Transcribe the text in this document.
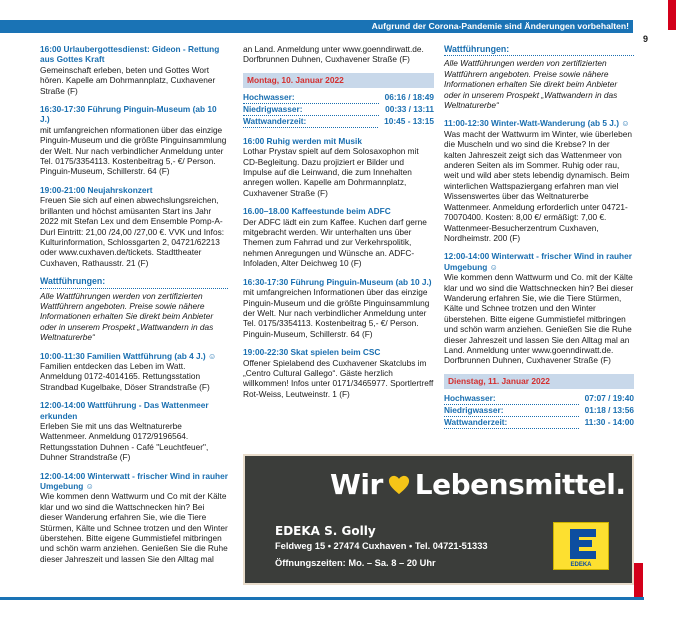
Aufgrund der Corona-Pandemie sind Änderungen vorbehalten!
9
16:00 Urlaubergottesdienst: Gideon - Rettung aus Gottes Kraft
Gemeinschaft erleben, beten und Gottes Wort hören. Kapelle am Dohrmannplatz, Cuxhavener Straße (F)
16:30-17:30 Führung Pinguin-Museum (ab 10 J.)
mit umfangreichen nformationen über das einzige Pinguin-Museum und die größte Pinguinsammlung der Welt. Nur nach verbindlicher Anmeldung unter Tel. 0175/3354113. Kostenbeitrag 5,- €/ Person. Pinguin-Museum, Schillerstr. 64 (F)
19:00-21:00 Neujahrskonzert
Freuen Sie sich auf einen abwechslungsreichen, brillanten und höchst amüsanten Start ins Jahr 2022 mit Stefan Lex und dem Ensemble Pomp-A-Durl Eintritt: 21,00 /24,00 /27,00 €. VVK und Infos: Kulturinformation, Schlossgarten 2, 04721/62213 oder www.cuxhaven.de/tickets. Stadttheater Cuxhaven, Rathausstr. 21 (F)
Wattführungen:
Alle Wattführungen werden von zertifizierten Wattführern angeboten. Preise sowie nähere Informationen erhalten Sie direkt beim Anbieter oder in unserem Prospekt „Wattwandern in das Weltnaturerbe“
10:00-11:30 Familien Wattführung (ab 4 J.) ☺
Familien entdecken das Leben im Watt. Anmeldung 0172-4014165. Rettungsstation Strandbad Kugelbake, Döser Strandstraße (F)
12:00-14:00 Wattführung - Das Wattenmeer erkunden
Erleben Sie mit uns das Weltnaturerbe Wattenmeer. Anmeldung 0172/9196564. Rettungsstation Duhnen - Café "Leuchtfeuer", Duhner Strandstraße (F)
12:00-14:00 Winterwatt - frischer Wind in rauher Umgebung ☺
Wie kommen denn Wattwurm und Co mit der Kälte klar und wo sind die Wattschnecken hin? Bei dieser Wanderung erfahren Sie, wie die Tiere Stürmen, Kälte und Schnee trotzen und den Winter überstehen. Bitte eigene Gummistiefel mitbringen und schön warm anziehen. Genießen Sie die Ruhe dieser Jahreszeit und lassen Sie den Alltag mal
an Land. Anmeldung unter www.goenndirwatt.de. Dorfbrunnen Duhnen, Cuxhavener Straße (F)
Montag, 10. Januar 2022
Hochwasser:	06:16 / 18:49
Niedrigwasser:	00:33 / 13:11
Wattwanderzeit:	10:45 - 13:15
16:00 Ruhig werden mit Musik
Lothar Prystav spielt auf dem Solosaxophon mit CD-Begleitung. Dazu projiziert er Bilder und Impulse auf die Leinwand, die zum Innehalten anregen wollen. Kapelle am Dohrmannplatz, Cuxhavener Straße (F)
16.00–18.00 Kaffeestunde beim ADFC
Der ADFC lädt ein zum Kaffee. Kuchen darf gerne mitgebracht werden. Wir unterhalten uns über Themen zum Fahrrad und zur Verkehrspolitik, nehmen Anregungen und Wünsche an. ADFC-Infoladen, Alter Deichweg 10 (F)
16:30-17:30 Führung Pinguin-Museum (ab 10 J.)
mit umfangreichen Informationen über das einzige Pinguin-Museum und die größte Pinguinsammlung der Welt. Nur nach verbindlicher Anmeldung unter Tel. 0175/3354113. Kostenbeitrag 5,- €/ Person. Pinguin-Museum, Schillerstr. 64 (F)
19:00-22:30 Skat spielen beim CSC
Offener Spielabend des Cuxhavener Skatclubs im „Centro Cultural Gallego“. Gäste herzlich willkommen! Infos unter 0171/3465977. Sportlertreff Rot-Weiss, Leutweinstr. 1 (F)
Wattführungen:
Alle Wattführungen werden von zertifizierten Wattführern angeboten. Preise sowie nähere Informationen erhalten Sie direkt beim Anbieter oder in unserem Prospekt „Wattwandern in das Weltnaturerbe“
11:00-12:30 Winter-Watt-Wanderung (ab 5 J.) ☺
Was macht der Wattwurm im Winter, wie überleben die Muscheln und wo sind die Krebse? In der kalten Jahreszeit zeigt sich das Wattenmeer von anderen Seiten als im Sommer. Ruhig oder rau, weit und wild aber stets lebendig dynamisch. Beim winterlichen Wattspaziergang erfahren man viel Wissenswertes über das Weltnaturerbe Wattenmeer. Anmeldung erforderlich unter 04721-70070400. Kosten: 8,00 €/ ermäßigt: 7,00 €. Wattenmeer-Besucherzentrum Cuxhaven, Nordheimstr. 200 (F)
12:00-14:00 Winterwatt - frischer Wind in rauher Umgebung ☺
Wie kommen denn Wattwurm und Co. mit der Kälte klar und wo sind die Wattschnecken hin? Bei dieser Wanderung erfahren Sie, wie die Tiere Stürmen, Kälte und Schnee trotzen und den Winter überstehen. Bitte eigene Gummistiefel mitbringen und schön warm anziehen. Genießen Sie die Ruhe dieser Jahreszeit und lassen Sie den Alltag mal an Land. Anmeldung unter www.goenndirwatt.de. Dorfbrunnen Duhnen, Cuxhavener Straße (F)
Dienstag, 11. Januar 2022
Hochwasser:	07:07 / 19:40
Niedrigwasser:	01:18 / 13:56
Wattwanderzeit:	11:30 - 14:00
Wir Lebensmittel.
EDEKA S. Golly
Feldweg 15 • 27474 Cuxhaven • Tel. 04721-51333
Öffnungszeiten: Mo. – Sa. 8 – 20 Uhr	EDEKA
